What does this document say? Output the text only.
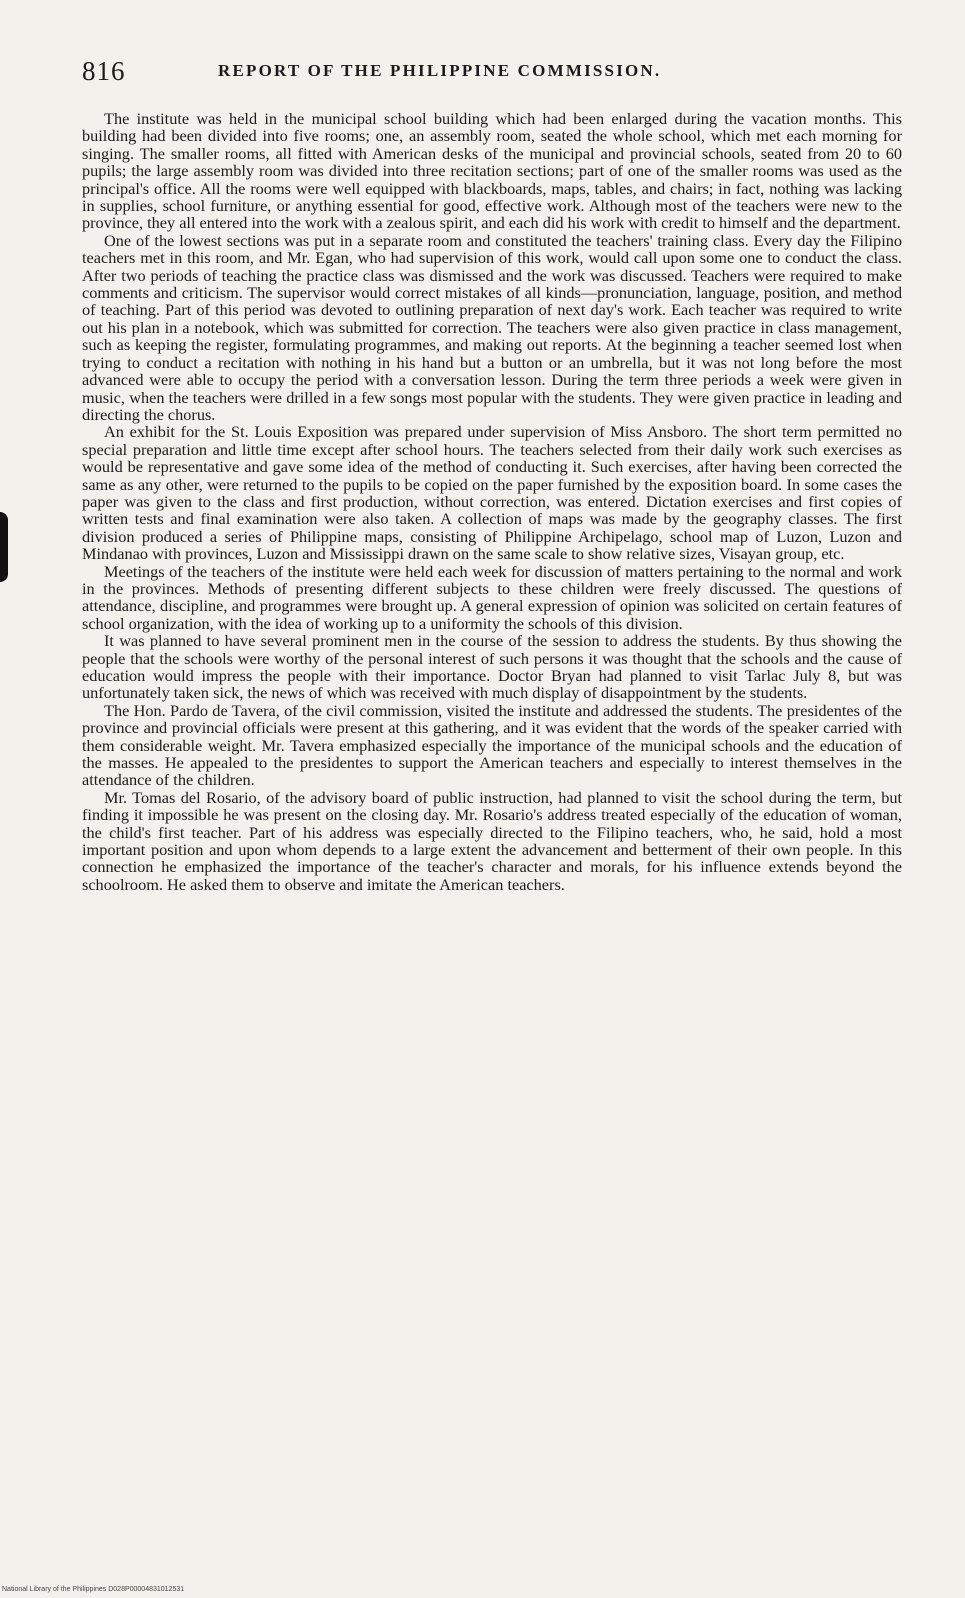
816	REPORT OF THE PHILIPPINE COMMISSION.

The institute was held in the municipal school building which had been enlarged during the vacation months. This building had been divided into five rooms; one, an assembly room, seated the whole school, which met each morning for singing. The smaller rooms, all fitted with American desks of the municipal and provincial schools, seated from 20 to 60 pupils; the large assembly room was divided into three recitation sections; part of one of the smaller rooms was used as the principal's office. All the rooms were well equipped with blackboards, maps, tables, and chairs; in fact, nothing was lacking in supplies, school furniture, or anything essential for good, effective work. Although most of the teachers were new to the province, they all entered into the work with a zealous spirit, and each did his work with credit to himself and the department.

One of the lowest sections was put in a separate room and constituted the teachers' training class. Every day the Filipino teachers met in this room, and Mr. Egan, who had supervision of this work, would call upon some one to conduct the class. After two periods of teaching the practice class was dismissed and the work was discussed. Teachers were required to make comments and criticism. The supervisor would correct mistakes of all kinds—pronunciation, language, position, and method of teaching. Part of this period was devoted to outlining preparation of next day's work. Each teacher was required to write out his plan in a notebook, which was submitted for correction. The teachers were also given practice in class management, such as keeping the register, formulating programmes, and making out reports. At the beginning a teacher seemed lost when trying to conduct a recitation with nothing in his hand but a button or an umbrella, but it was not long before the most advanced were able to occupy the period with a conversation lesson. During the term three periods a week were given in music, when the teachers were drilled in a few songs most popular with the students. They were given practice in leading and directing the chorus.

An exhibit for the St. Louis Exposition was prepared under supervision of Miss Ansboro. The short term permitted no special preparation and little time except after school hours. The teachers selected from their daily work such exercises as would be representative and gave some idea of the method of conducting it. Such exercises, after having been corrected the same as any other, were returned to the pupils to be copied on the paper furnished by the exposition board. In some cases the paper was given to the class and first production, without correction, was entered. Dictation exercises and first copies of written tests and final examination were also taken. A collection of maps was made by the geography classes. The first division produced a series of Philippine maps, consisting of Philippine Archipelago, school map of Luzon, Luzon and Mindanao with provinces, Luzon and Mississippi drawn on the same scale to show relative sizes, Visayan group, etc.

Meetings of the teachers of the institute were held each week for discussion of matters pertaining to the normal and work in the provinces. Methods of presenting different subjects to these children were freely discussed. The questions of attendance, discipline, and programmes were brought up. A general expression of opinion was solicited on certain features of school organization, with the idea of working up to a uniformity the schools of this division.

It was planned to have several prominent men in the course of the session to address the students. By thus showing the people that the schools were worthy of the personal interest of such persons it was thought that the schools and the cause of education would impress the people with their importance. Doctor Bryan had planned to visit Tarlac July 8, but was unfortunately taken sick, the news of which was received with much display of disappointment by the students.

The Hon. Pardo de Tavera, of the civil commission, visited the institute and addressed the students. The presidentes of the province and provincial officials were present at this gathering, and it was evident that the words of the speaker carried with them considerable weight. Mr. Tavera emphasized especially the importance of the municipal schools and the education of the masses. He appealed to the presidentes to support the American teachers and especially to interest themselves in the attendance of the children.

Mr. Tomas del Rosario, of the advisory board of public instruction, had planned to visit the school during the term, but finding it impossible he was present on the closing day. Mr. Rosario's address treated especially of the education of woman, the child's first teacher. Part of his address was especially directed to the Filipino teachers, who, he said, hold a most important position and upon whom depends to a large extent the advancement and betterment of their own people. In this connection he emphasized the importance of the teacher's character and morals, for his influence extends beyond the schoolroom. He asked them to observe and imitate the American teachers.

National Library of the Philippines D028P00004831012531
